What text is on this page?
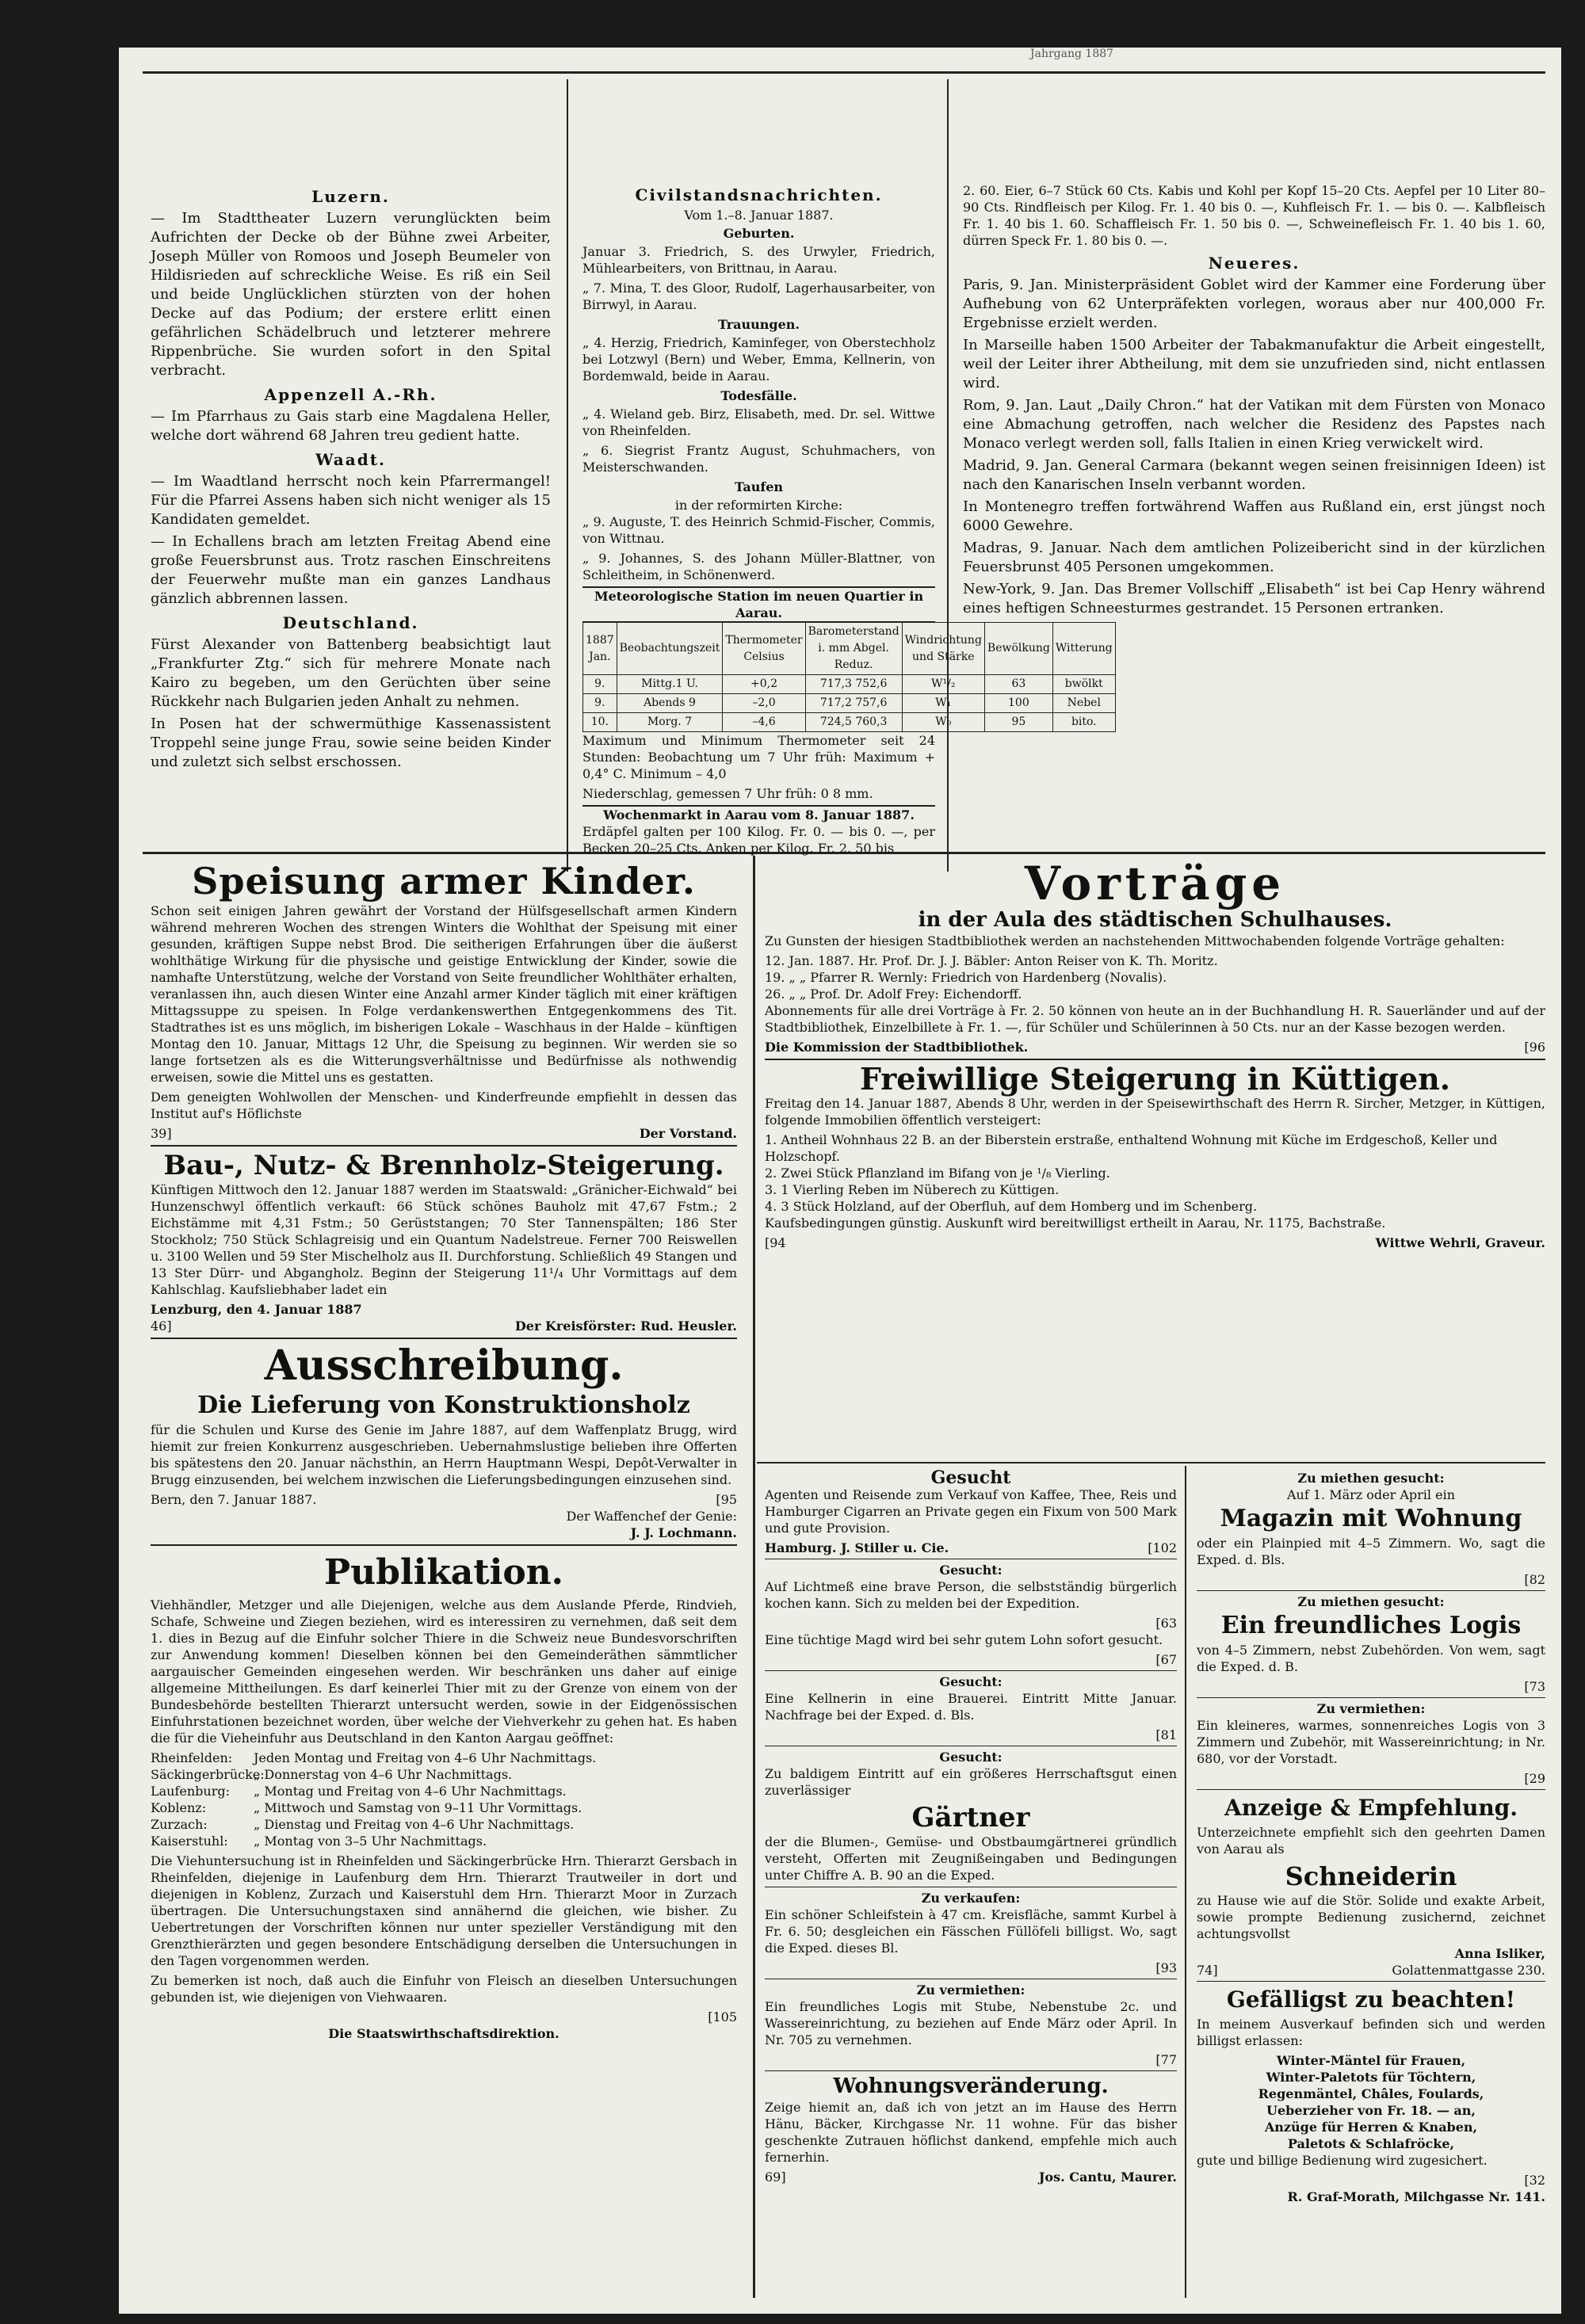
Jahrgang 1887
Luzern.

— Im Stadttheater Luzern verunglückten beim Aufrichten der Decke ob der Bühne zwei Arbeiter, Joseph Müller von Romoos und Joseph Beumeler von Hildisrieden auf schreckliche Weise. Es riß ein Seil und beide Unglücklichen stürzten von der hohen Decke auf das Podium; der erstere erlitt einen gefährlichen Schädelbruch und letzterer mehrere Rippenbrüche. Sie wurden sofort in den Spital verbracht.

Appenzell A.-Rh.

— Im Pfarrhaus zu Gais starb eine Magdalena Heller, welche dort während 68 Jahren treu gedient hatte.

Waadt.

— Im Waadtland herrscht noch kein Pfarrermangel! Für die Pfarrei Assens haben sich nicht weniger als 15 Kandidaten gemeldet.

— In Echallens brach am letzten Freitag Abend eine große Feuersbrunst aus. Trotz raschen Einschreitens der Feuerwehr mußte man ein ganzes Landhaus gänzlich abbrennen lassen.

Deutschland.

Fürst Alexander von Battenberg beabsichtigt laut „Frankfurter Ztg.“ sich für mehrere Monate nach Kairo zu begeben, um den Gerüchten über seine Rückkehr nach Bulgarien jeden Anhalt zu nehmen.

In Posen hat der schwermüthige Kassenassistent Troppehl seine junge Frau, sowie seine beiden Kinder und zuletzt sich selbst erschossen.

Civilstandsnachrichten.
Vom 1.–8. Januar 1887.
Geburten.

Januar 3. Friedrich, S. des Urwyler, Friedrich, Mühlearbeiters, von Brittnau, in Aarau.

„ 7. Mina, T. des Gloor, Rudolf, Lagerhausarbeiter, von Birrwyl, in Aarau.

Trauungen.

„ 4. Herzig, Friedrich, Kaminfeger, von Oberstechholz bei Lotzwyl (Bern) und Weber, Emma, Kellnerin, von Bordemwald, beide in Aarau.

Todesfälle.

„ 4. Wieland geb. Birz, Elisabeth, med. Dr. sel. Wittwe von Rheinfelden.

„ 6. Siegrist Frantz August, Schuhmachers, von Meisterschwanden.

Taufen
in der reformirten Kirche:

„ 9. Auguste, T. des Heinrich Schmid-Fischer, Commis, von Wittnau.

„ 9. Johannes, S. des Johann Müller-Blattner, von Schleitheim, in Schönenwerd.

Meteorologische Station im neuen Quartier in Aarau.
1887 Jan.	Beobachtungszeit	Thermometer Celsius	Barometerstand i. mm Abgel. Reduz.	Windrichtung und Stärke	Bewölkung	Witterung
9.	Mittg.1 U.	+0,2	717,3 752,6	W¹/₂	63	bwölkt
9.	Abends 9	–2,0	717,2 757,6	W₁	100	Nebel
10.	Morg. 7	–4,6	724,5 760,3	W₀	95	bito.

Maximum und Minimum Thermometer seit 24 Stunden: Beobachtung um 7 Uhr früh: Maximum + 0,4° C. Minimum – 4,0

Niederschlag, gemessen 7 Uhr früh: 0 8 mm.

Wochenmarkt in Aarau vom 8. Januar 1887.

Erdäpfel galten per 100 Kilog. Fr. 0. — bis 0. —, per Becken 20–25 Cts. Anken per Kilog. Fr. 2. 50 bis

2. 60. Eier, 6–7 Stück 60 Cts. Kabis und Kohl per Kopf 15–20 Cts. Aepfel per 10 Liter 80–90 Cts. Rindfleisch per Kilog. Fr. 1. 40 bis 0. —, Kuhfleisch Fr. 1. — bis 0. —. Kalbfleisch Fr. 1. 40 bis 1. 60. Schaffleisch Fr. 1. 50 bis 0. —, Schweinefleisch Fr. 1. 40 bis 1. 60, dürren Speck Fr. 1. 80 bis 0. —.

Neueres.

Paris, 9. Jan. Ministerpräsident Goblet wird der Kammer eine Forderung über Aufhebung von 62 Unterpräfekten vorlegen, woraus aber nur 400,000 Fr. Ergebnisse erzielt werden.

In Marseille haben 1500 Arbeiter der Tabakmanufaktur die Arbeit eingestellt, weil der Leiter ihrer Abtheilung, mit dem sie unzufrieden sind, nicht entlassen wird.

Rom, 9. Jan. Laut „Daily Chron.“ hat der Vatikan mit dem Fürsten von Monaco eine Abmachung getroffen, nach welcher die Residenz des Papstes nach Monaco verlegt werden soll, falls Italien in einen Krieg verwickelt wird.

Madrid, 9. Jan. General Carmara (bekannt wegen seinen freisinnigen Ideen) ist nach den Kanarischen Inseln verbannt worden.

In Montenegro treffen fortwährend Waffen aus Rußland ein, erst jüngst noch 6000 Gewehre.

Madras, 9. Januar. Nach dem amtlichen Polizeibericht sind in der kürzlichen Feuersbrunst 405 Personen umgekommen.

New-York, 9. Jan. Das Bremer Vollschiff „Elisabeth“ ist bei Cap Henry während eines heftigen Schneesturmes gestrandet. 15 Personen ertranken.

Speisung armer Kinder.

Schon seit einigen Jahren gewährt der Vorstand der Hülfsgesellschaft armen Kindern während mehreren Wochen des strengen Winters die Wohlthat der Speisung mit einer gesunden, kräftigen Suppe nebst Brod. Die seitherigen Erfahrungen über die äußerst wohlthätige Wirkung für die physische und geistige Entwicklung der Kinder, sowie die namhafte Unterstützung, welche der Vorstand von Seite freundlicher Wohlthäter erhalten, veranlassen ihn, auch diesen Winter eine Anzahl armer Kinder täglich mit einer kräftigen Mittagssuppe zu speisen. In Folge verdankenswerthen Entgegenkommens des Tit. Stadtrathes ist es uns möglich, im bisherigen Lokale – Waschhaus in der Halde – künftigen Montag den 10. Januar, Mittags 12 Uhr, die Speisung zu beginnen. Wir werden sie so lange fortsetzen als es die Witterungsverhältnisse und Bedürfnisse als nothwendig erweisen, sowie die Mittel uns es gestatten.

Dem geneigten Wohlwollen der Menschen- und Kinderfreunde empfiehlt in dessen das Institut auf's Höflichste

39]	Der Vorstand.
Bau-, Nutz- & Brennholz-Steigerung.

Künftigen Mittwoch den 12. Januar 1887 werden im Staatswald: „Gränicher-Eichwald“ bei Hunzenschwyl öffentlich verkauft: 66 Stück schönes Bauholz mit 47,67 Fstm.; 2 Eichstämme mit 4,31 Fstm.; 50 Gerüststangen; 70 Ster Tannenspälten; 186 Ster Stockholz; 750 Stück Schlagreisig und ein Quantum Nadelstreue. Ferner 700 Reiswellen u. 3100 Wellen und 59 Ster Mischelholz aus II. Durchforstung. Schließlich 49 Stangen und 13 Ster Dürr- und Abgangholz. Beginn der Steigerung 11¹/₄ Uhr Vormittags auf dem Kahlschlag. Kaufsliebhaber ladet ein

Lenzburg, den 4. Januar 1887
46]	Der Kreisförster: Rud. Heusler.
Ausschreibung.
Die Lieferung von Konstruktionsholz

für die Schulen und Kurse des Genie im Jahre 1887, auf dem Waffenplatz Brugg, wird hiemit zur freien Konkurrenz ausgeschrieben. Uebernahmslustige belieben ihre Offerten bis spätestens den 20. Januar nächsthin, an Herrn Hauptmann Wespi, Depôt-Verwalter in Brugg einzusenden, bei welchem inzwischen die Lieferungsbedingungen einzusehen sind.

Bern, den 7. Januar 1887.	[95
Der Waffenchef der Genie:
J. J. Lochmann.
Publikation.

Viehhändler, Metzger und alle Diejenigen, welche aus dem Auslande Pferde, Rindvieh, Schafe, Schweine und Ziegen beziehen, wird es interessiren zu vernehmen, daß seit dem 1. dies in Bezug auf die Einfuhr solcher Thiere in die Schweiz neue Bundesvorschriften zur Anwendung kommen! Dieselben können bei den Gemeinderäthen sämmtlicher aargauischer Gemeinden eingesehen werden. Wir beschränken uns daher auf einige allgemeine Mittheilungen. Es darf keinerlei Thier mit zu der Grenze von einem von der Bundesbehörde bestellten Thierarzt untersucht werden, sowie in der Eidgenössischen Einfuhrstationen bezeichnet worden, über welche der Viehverkehr zu gehen hat. Es haben die für die Vieheinfuhr aus Deutschland in den Kanton Aargau geöffnet:

Rheinfelden:	Jeden Montag und Freitag von 4–6 Uhr Nachmittags.
Säckingerbrücke:
„ Donnerstag von 4–6 Uhr Nachmittags.
Laufenburg:	„ Montag und Freitag von 4–6 Uhr Nachmittags.
Koblenz:	„ Mittwoch und Samstag von 9–11 Uhr Vormittags.
Zurzach:	„ Dienstag und Freitag von 4–6 Uhr Nachmittags.
Kaiserstuhl:	„ Montag von 3–5 Uhr Nachmittags.

Die Viehuntersuchung ist in Rheinfelden und Säckingerbrücke Hrn. Thierarzt Gersbach in Rheinfelden, diejenige in Laufenburg dem Hrn. Thierarzt Trautweiler in dort und diejenigen in Koblenz, Zurzach und Kaiserstuhl dem Hrn. Thierarzt Moor in Zurzach übertragen. Die Untersuchungstaxen sind annähernd die gleichen, wie bisher. Zu Uebertretungen der Vorschriften können nur unter spezieller Verständigung mit den Grenzthierärzten und gegen besondere Entschädigung derselben die Untersuchungen in den Tagen vorgenommen werden.

Zu bemerken ist noch, daß auch die Einfuhr von Fleisch an dieselben Untersuchungen gebunden ist, wie diejenigen von Viehwaaren.

[105
Die Staatswirthschaftsdirektion.
Vorträge
in der Aula des städtischen Schulhauses.

Zu Gunsten der hiesigen Stadtbibliothek werden an nachstehenden Mittwochabenden folgende Vorträge gehalten:

12. Jan. 1887. Hr. Prof. Dr. J. J. Bäbler: Anton Reiser von K. Th. Moritz.
19. „ „ Pfarrer R. Wernly: Friedrich von Hardenberg (Novalis).
26. „ „ Prof. Dr. Adolf Frey: Eichendorff.

Abonnements für alle drei Vorträge à Fr. 2. 50 können von heute an in der Buchhandlung H. R. Sauerländer und auf der Stadtbibliothek, Einzelbillete à Fr. 1. —, für Schüler und Schülerinnen à 50 Cts. nur an der Kasse bezogen werden.

Die Kommission der Stadtbibliothek.	[96
Freiwillige Steigerung in Küttigen.

Freitag den 14. Januar 1887, Abends 8 Uhr, werden in der Speisewirthschaft des Herrn R. Sircher, Metzger, in Küttigen, folgende Immobilien öffentlich versteigert:

1. Antheil Wohnhaus 22 B. an der Biberstein erstraße, enthaltend Wohnung mit Küche im Erdgeschoß, Keller und Holzschopf.
2. Zwei Stück Pflanzland im Bifang von je ¹/₈ Vierling.
3. 1 Vierling Reben im Nüberech zu Küttigen.
4. 3 Stück Holzland, auf der Oberfluh, auf dem Homberg und im Schenberg.

Kaufsbedingungen günstig. Auskunft wird bereitwilligst ertheilt in Aarau, Nr. 1175, Bachstraße.

[94	Wittwe Wehrli, Graveur.
Gesucht

Agenten und Reisende zum Verkauf von Kaffee, Thee, Reis und Hamburger Cigarren an Private gegen ein Fixum von 500 Mark und gute Provision.

Hamburg. J. Stiller u. Cie.	[102
Gesucht:

Auf Lichtmeß eine brave Person, die selbstständig bürgerlich kochen kann. Sich zu melden bei der Expedition.

[63

Eine tüchtige Magd wird bei sehr gutem Lohn sofort gesucht.

[67
Gesucht:

Eine Kellnerin in eine Brauerei. Eintritt Mitte Januar. Nachfrage bei der Exped. d. Bls.

[81
Gesucht:

Zu baldigem Eintritt auf ein größeres Herrschaftsgut einen zuverlässiger

Gärtner

der die Blumen-, Gemüse- und Obstbaumgärtnerei gründlich versteht, Offerten mit Zeugnißeingaben und Bedingungen unter Chiffre A. B. 90 an die Exped.

Zu verkaufen:

Ein schöner Schleifstein à 47 cm. Kreisfläche, sammt Kurbel à Fr. 6. 50; desgleichen ein Fässchen Füllöfeli billigst. Wo, sagt die Exped. dieses Bl.

[93
Zu vermiethen:

Ein freundliches Logis mit Stube, Nebenstube 2c. und Wassereinrichtung, zu beziehen auf Ende März oder April. In Nr. 705 zu vernehmen.

[77
Wohnungsveränderung.

Zeige hiemit an, daß ich von jetzt an im Hause des Herrn Hänu, Bäcker, Kirchgasse Nr. 11 wohne. Für das bisher geschenkte Zutrauen höflichst dankend, empfehle mich auch fernerhin.

69]	Jos. Cantu, Maurer.
Zu miethen gesucht:
Auf 1. März oder April ein
Magazin mit Wohnung

oder ein Plainpied mit 4–5 Zimmern. Wo, sagt die Exped. d. Bls.

[82
Zu miethen gesucht:
Ein freundliches Logis

von 4–5 Zimmern, nebst Zubehörden. Von wem, sagt die Exped. d. B.

[73
Zu vermiethen:

Ein kleineres, warmes, sonnenreiches Logis von 3 Zimmern und Zubehör, mit Wassereinrichtung; in Nr. 680, vor der Vorstadt.

[29
Anzeige & Empfehlung.

Unterzeichnete empfiehlt sich den geehrten Damen von Aarau als

Schneiderin

zu Hause wie auf die Stör. Solide und exakte Arbeit, sowie prompte Bedienung zusichernd, zeichnet achtungsvollst

Anna Isliker,
74]	Golattenmattgasse 230.
Gefälligst zu beachten!

In meinem Ausverkauf befinden sich und werden billigst erlassen:

Winter-Mäntel für Frauen,
Winter-Paletots für Töchtern,
Regenmäntel, Châles, Foulards,
Ueberzieher von Fr. 18. — an,
Anzüge für Herren & Knaben,
Paletots & Schlafröcke,

gute und billige Bedienung wird zugesichert.

[32
R. Graf-Morath, Milchgasse Nr. 141.
